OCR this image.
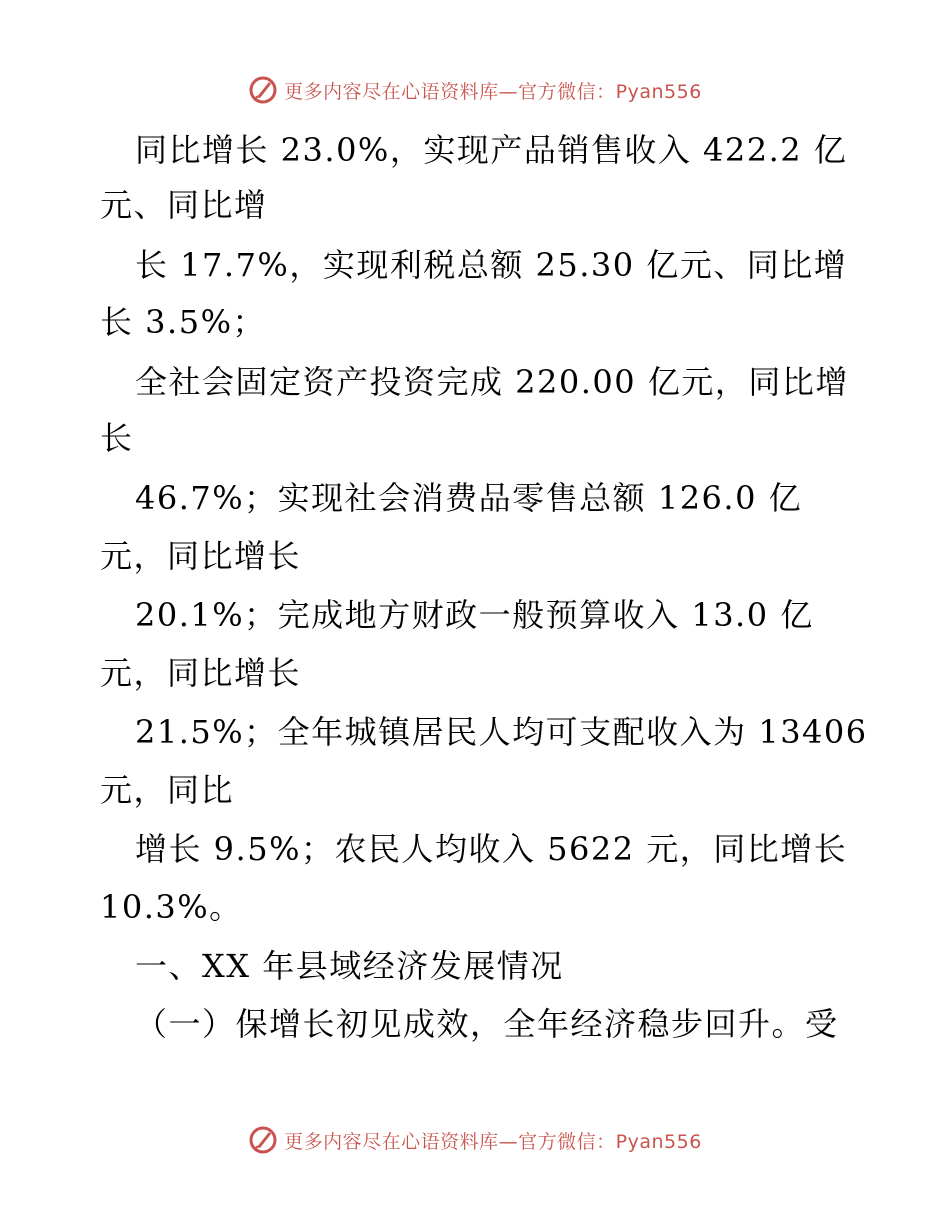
更多内容尽在心语资料库—官方微信：Pyan556
同比增长 23.0%，实现产品销售收入 422.2 亿
元、同比增
长 17.7%，实现利税总额 25.30 亿元、同比增
长 3.5%；
全社会固定资产投资完成 220.00 亿元，同比增
长
46.7%；实现社会消费品零售总额 126.0 亿
元，同比增长
20.1%；完成地方财政一般预算收入 13.0 亿
元，同比增长
21.5%；全年城镇居民人均可支配收入为 13406
元，同比
增长 9.5%；农民人均收入 5622 元，同比增长
10.3%。
一、XX 年县域经济发展情况
（一）保增长初见成效，全年经济稳步回升。受
更多内容尽在心语资料库—官方微信：Pyan556
